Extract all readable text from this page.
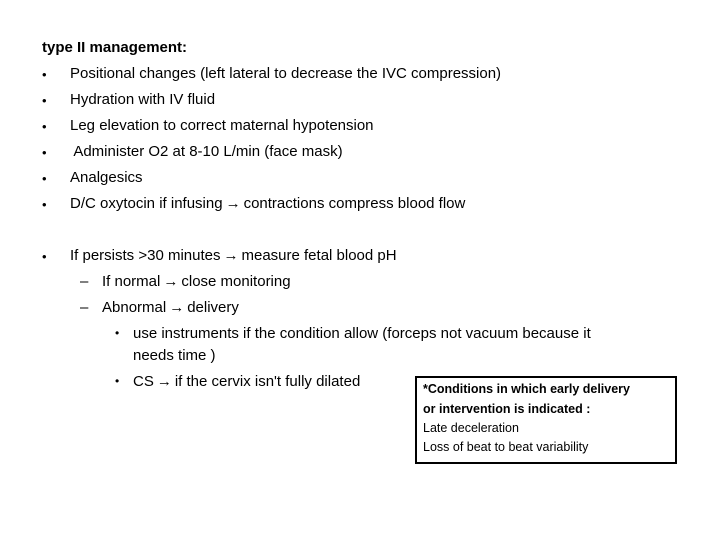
type II management:
• Positional changes (left lateral to decrease the IVC compression)
• Hydration with IV fluid
• Leg elevation to correct maternal hypotension
• Administer O2 at 8-10 L/min (face mask)
• Analgesics
• D/C oxytocin if infusing → contractions compress blood flow
• If persists >30 minutes → measure fetal blood pH
– If normal → close monitoring
– Abnormal → delivery
• use instruments if the condition allow (forceps not vacuum because it
needs time )
• CS → if the cervix isn't fully dilated	*Conditions in which early delivery
or intervention is indicated :
Late deceleration
Loss of beat to beat variability
